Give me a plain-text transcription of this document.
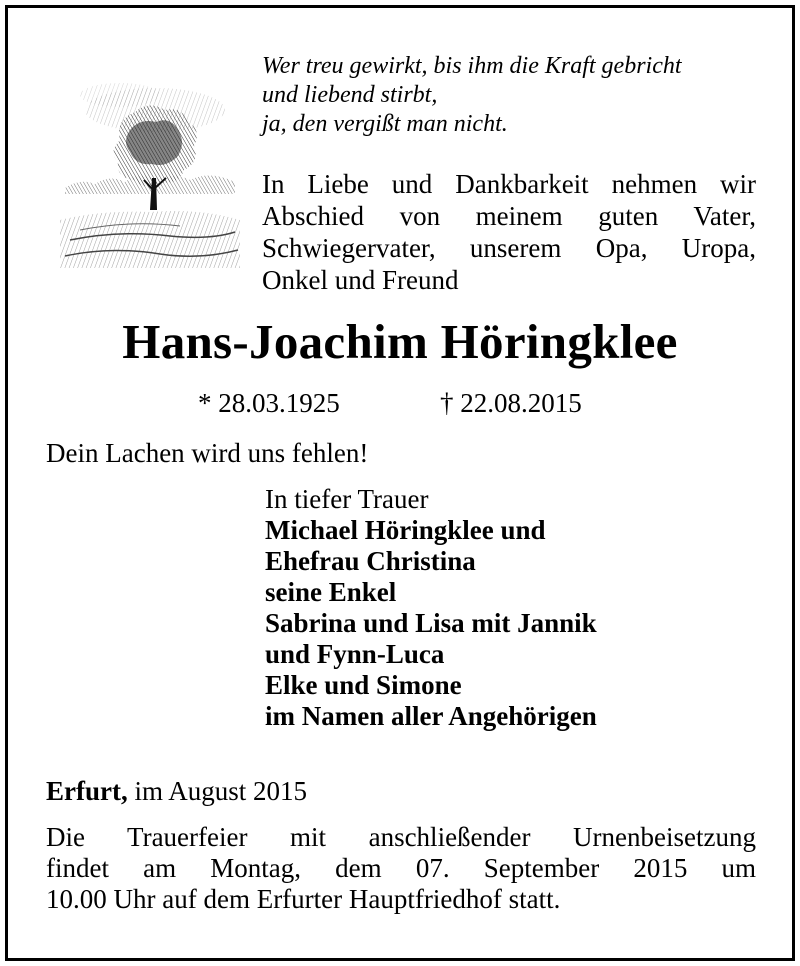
Wer treu gewirkt, bis ihm die Kraft gebricht
und liebend stirbt,
ja, den vergißt man nicht.
In Liebe und Dankbarkeit nehmen wir
Abschied von meinem guten Vater,
Schwiegervater, unserem Opa, Uropa,
Onkel und Freund
Hans-Joachim Höringklee
* 28.03.1925	† 22.08.2015
Dein Lachen wird uns fehlen!
In tiefer Trauer
Michael Höringklee und
Ehefrau Christina
seine Enkel
Sabrina und Lisa mit Jannik
und Fynn-Luca
Elke und Simone
im Namen aller Angehörigen
Erfurt, im August 2015
Die Trauerfeier mit anschließender Urnenbeisetzung
findet am Montag, dem 07. September 2015 um
10.00 Uhr auf dem Erfurter Hauptfriedhof statt.
